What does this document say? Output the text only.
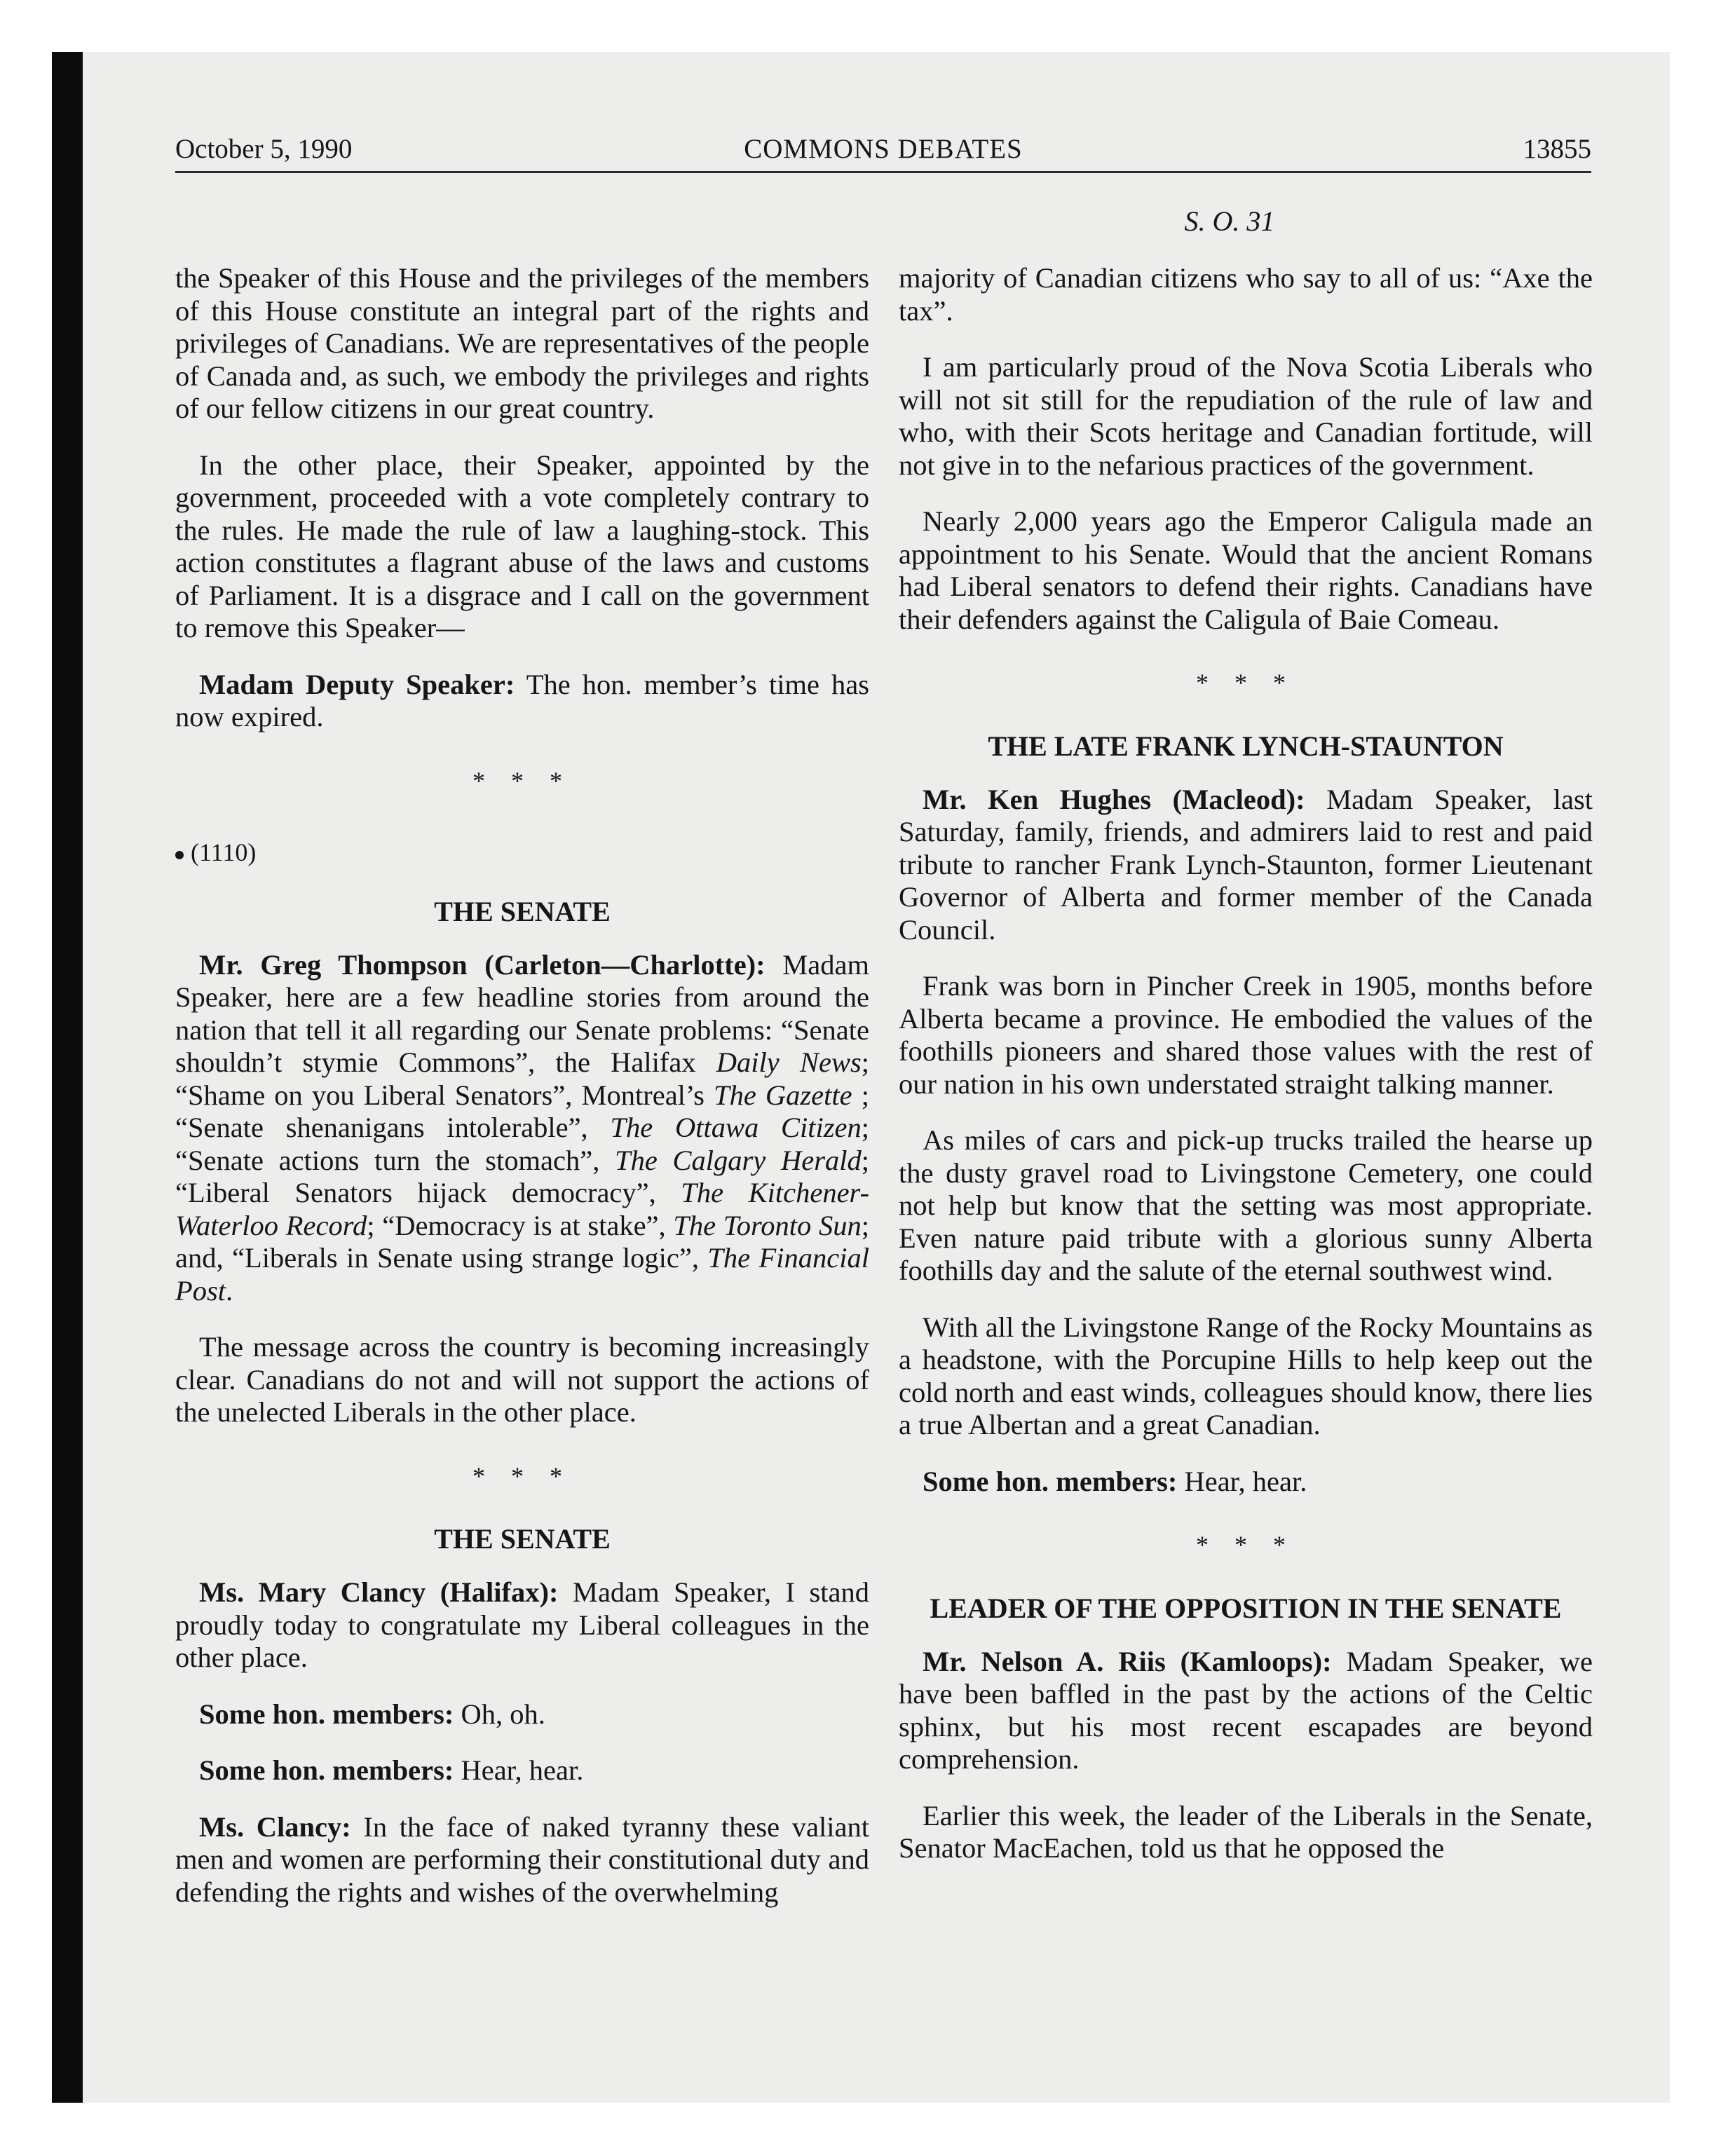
October 5, 1990	COMMONS DEBATES	13855
S. O. 31

the Speaker of this House and the privileges of the members of this House constitute an integral part of the rights and privileges of Canadians. We are representatives of the people of Canada and, as such, we embody the privileges and rights of our fellow citizens in our great country.

In the other place, their Speaker, appointed by the government, proceeded with a vote completely contrary to the rules. He made the rule of law a laughing-stock. This action constitutes a flagrant abuse of the laws and customs of Parliament. It is a disgrace and I call on the government to remove this Speaker—

Madam Deputy Speaker: The hon. member’s time has now expired.

* * *
(1110)
THE SENATE

Mr. Greg Thompson (Carleton—Charlotte): Madam Speaker, here are a few headline stories from around the nation that tell it all regarding our Senate problems: “Senate shouldn’t stymie Commons”, the Halifax Daily News; “Shame on you Liberal Senators”, Montreal’s The Gazette ; “Senate shenanigans intolerable”, The Ottawa Citizen; “Senate actions turn the stomach”, The Calgary Herald; “Liberal Senators hijack democracy”, The Kitchener-Waterloo Record; “Democracy is at stake”, The Toronto Sun; and, “Liberals in Senate using strange logic”, The Financial Post.

The message across the country is becoming increasingly clear. Canadians do not and will not support the actions of the unelected Liberals in the other place.

* * *
THE SENATE

Ms. Mary Clancy (Halifax): Madam Speaker, I stand proudly today to congratulate my Liberal colleagues in the other place.

Some hon. members: Oh, oh.

Some hon. members: Hear, hear.

Ms. Clancy: In the face of naked tyranny these valiant men and women are performing their constitutional duty and defending the rights and wishes of the overwhelming

majority of Canadian citizens who say to all of us: “Axe the tax”.

I am particularly proud of the Nova Scotia Liberals who will not sit still for the repudiation of the rule of law and who, with their Scots heritage and Canadian fortitude, will not give in to the nefarious practices of the government.

Nearly 2,000 years ago the Emperor Caligula made an appointment to his Senate. Would that the ancient Romans had Liberal senators to defend their rights. Canadians have their defenders against the Caligula of Baie Comeau.

* * *
THE LATE FRANK LYNCH-STAUNTON

Mr. Ken Hughes (Macleod): Madam Speaker, last Saturday, family, friends, and admirers laid to rest and paid tribute to rancher Frank Lynch-Staunton, former Lieutenant Governor of Alberta and former member of the Canada Council.

Frank was born in Pincher Creek in 1905, months before Alberta became a province. He embodied the values of the foothills pioneers and shared those values with the rest of our nation in his own understated straight talking manner.

As miles of cars and pick-up trucks trailed the hearse up the dusty gravel road to Livingstone Cemetery, one could not help but know that the setting was most appropriate. Even nature paid tribute with a glorious sunny Alberta foothills day and the salute of the eternal southwest wind.

With all the Livingstone Range of the Rocky Mountains as a headstone, with the Porcupine Hills to help keep out the cold north and east winds, colleagues should know, there lies a true Albertan and a great Canadian.

Some hon. members: Hear, hear.

* * *
LEADER OF THE OPPOSITION IN THE SENATE

Mr. Nelson A. Riis (Kamloops): Madam Speaker, we have been baffled in the past by the actions of the Celtic sphinx, but his most recent escapades are beyond comprehension.

Earlier this week, the leader of the Liberals in the Senate, Senator MacEachen, told us that he opposed the
